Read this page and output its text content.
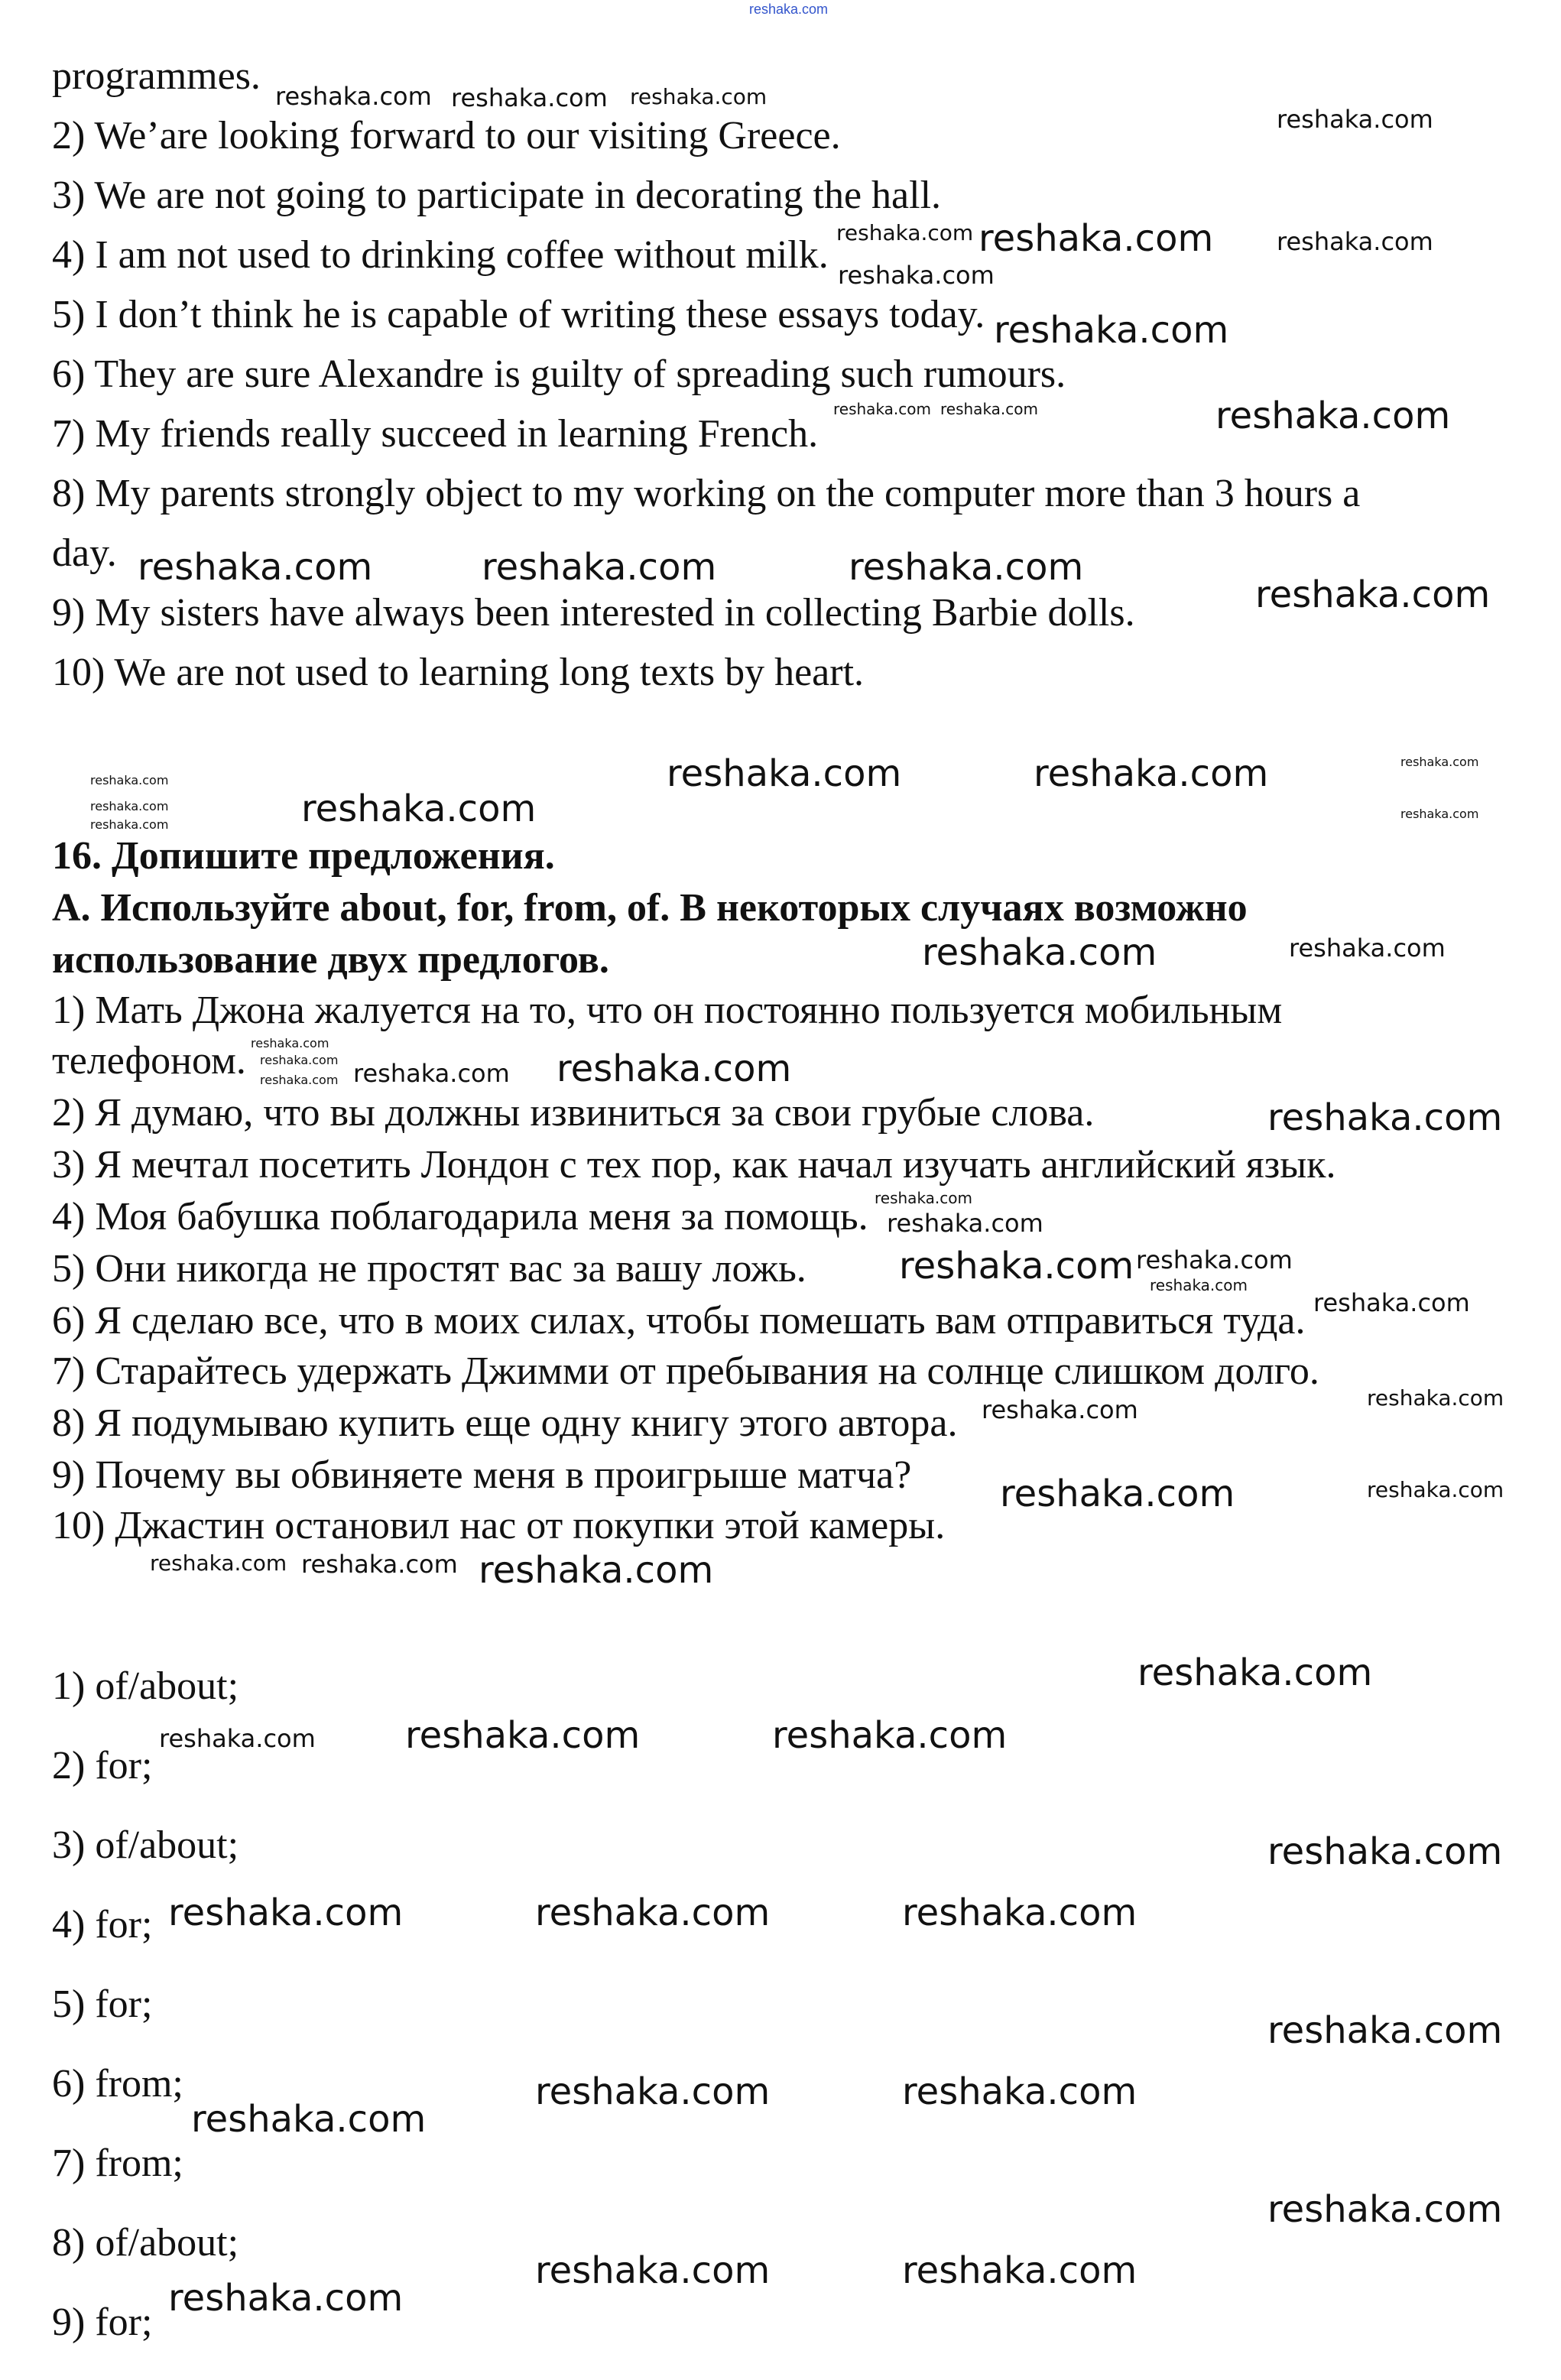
reshaka.com
programmes.
2) We’are looking forward to our visiting Greece.
3) We are not going to participate in decorating the hall.
4) I am not used to drinking coffee without milk.
5) I don’t think he is capable of writing these essays today.
6) They are sure Alexandre is guilty of spreading such rumours.
7) My friends really succeed in learning French.
8) My parents strongly object to my working on the computer more than 3 hours a
day.
9) My sisters have always been interested in collecting Barbie dolls.
10) We are not used to learning long texts by heart.
16. Допишите предложения.
А. Используйте about, for, from, of. В некоторых случаях возможно
использование двух предлогов.
1) Мать Джона жалуется на то, что он постоянно пользуется мобильным
телефоном.
2) Я думаю, что вы должны извиниться за свои грубые слова.
3) Я мечтал посетить Лондон с тех пор, как начал изучать английский язык.
4) Моя бабушка поблагодарила меня за помощь.
5) Они никогда не простят вас за вашу ложь.
6) Я сделаю все, что в моих силах, чтобы помешать вам отправиться туда.
7) Старайтесь удержать Джимми от пребывания на солнце слишком долго.
8) Я подумываю купить еще одну книгу этого автора.
9) Почему вы обвиняете меня в проигрыше матча?
10) Джастин остановил нас от покупки этой камеры.
1) of/about;
2) for;
3) of/about;
4) for;
5) for;
6) from;
7) from;
8) of/about;
9) for;
reshaka.com
reshaka.com
reshaka.com reshaka.com
reshaka.com reshaka.com	reshaka.com
reshaka.com
reshaka.com
reshaka.com
reshaka.com reshaka.com
reshaka.com	reshaka.com	reshaka.com
reshaka.com
reshaka.com	reshaka.com
reshaka.com
reshaka.com
reshaka.com
reshaka.com	reshaka.com
reshaka.com
reshaka.com	reshaka.com
reshaka.com
reshaka.com reshaka.com reshaka.com
reshaka.com
reshaka.com
reshaka.com
reshaka.com
reshaka.com reshaka.com
reshaka.com
reshaka.com
reshaka.com
reshaka.com
reshaka.com
reshaka.com	reshaka.com
reshaka.com reshaka.com
reshaka.com
reshaka.com reshaka.com	reshaka.com
reshaka.com
reshaka.com	reshaka.com	reshaka.com
reshaka.com
reshaka.com	reshaka.com
reshaka.com
reshaka.com
reshaka.com	reshaka.com
reshaka.com
